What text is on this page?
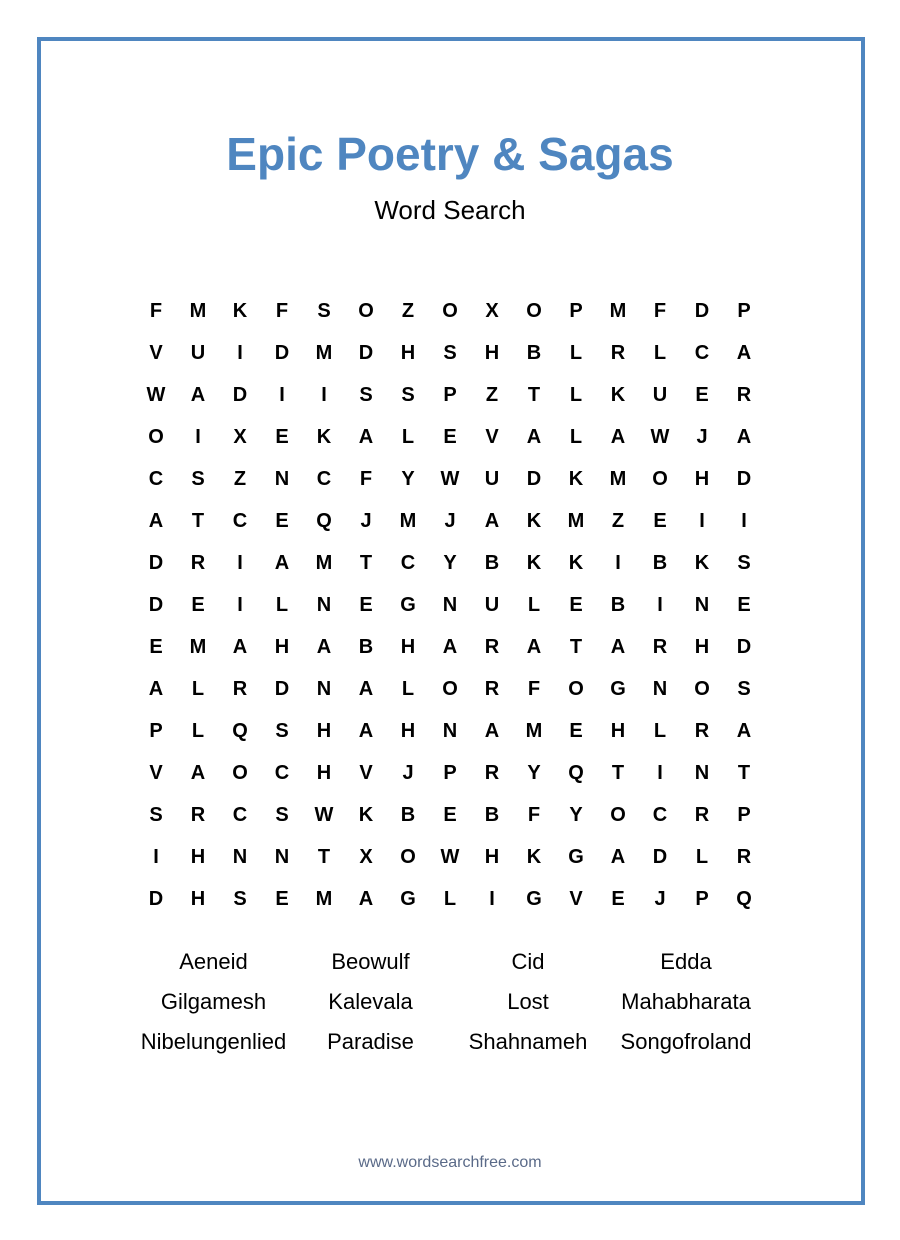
Epic Poetry & Sagas
Word Search
F	M	K	F	S	O	Z	O	X	O	P	M	F	D	P
V	U	I	D	M	D	H	S	H	B	L	R	L	C	A
W	A	D	I	I	S	S	P	Z	T	L	K	U	E	R
O	I	X	E	K	A	L	E	V	A	L	A	W	J	A
C	S	Z	N	C	F	Y	W	U	D	K	M	O	H	D
A	T	C	E	Q	J	M	J	A	K	M	Z	E	I	I
D	R	I	A	M	T	C	Y	B	K	K	I	B	K	S
D	E	I	L	N	E	G	N	U	L	E	B	I	N	E
E	M	A	H	A	B	H	A	R	A	T	A	R	H	D
A	L	R	D	N	A	L	O	R	F	O	G	N	O	S
P	L	Q	S	H	A	H	N	A	M	E	H	L	R	A
V	A	O	C	H	V	J	P	R	Y	Q	T	I	N	T
S	R	C	S	W	K	B	E	B	F	Y	O	C	R	P
I	H	N	N	T	X	O	W	H	K	G	A	D	L	R
D	H	S	E	M	A	G	L	I	G	V	E	J	P	Q
Aeneid	Beowulf	Cid	Edda
Gilgamesh	Kalevala	Lost	Mahabharata
Nibelungenlied	Paradise	Shahnameh	Songofroland
www.wordsearchfree.com
